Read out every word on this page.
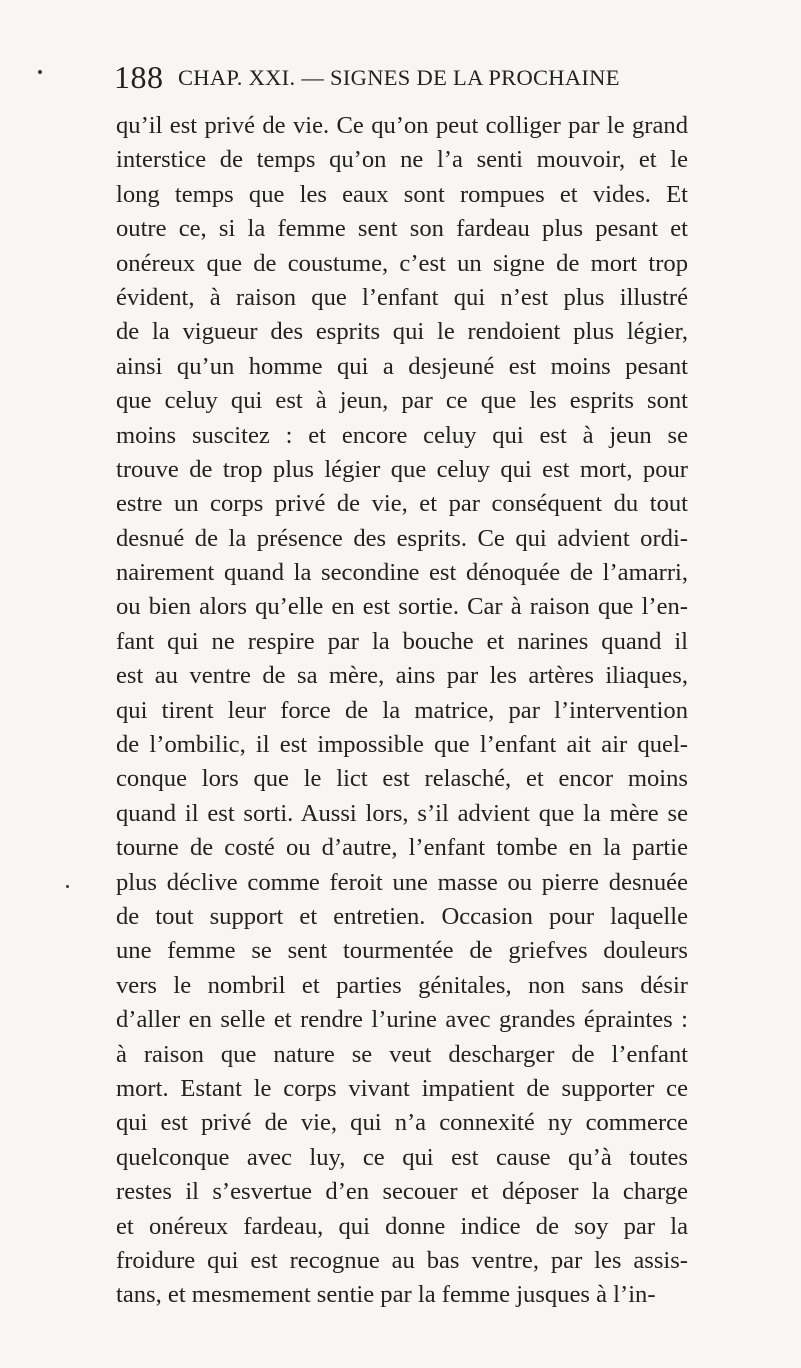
188 CHAP. XXI. — SIGNES DE LA PROCHAINE
qu’il est privé de vie. Ce qu’on peut colliger par le grand
interstice de temps qu’on ne l’a senti mouvoir, et le
long temps que les eaux sont rompues et vides. Et
outre ce, si la femme sent son fardeau plus pesant et
onéreux que de coustume, c’est un signe de mort trop
évident, à raison que l’enfant qui n’est plus illustré
de la vigueur des esprits qui le rendoient plus légier,
ainsi qu’un homme qui a desjeuné est moins pesant
que celuy qui est à jeun, par ce que les esprits sont
moins suscitez : et encore celuy qui est à jeun se
trouve de trop plus légier que celuy qui est mort, pour
estre un corps privé de vie, et par conséquent du tout
desnué de la présence des esprits. Ce qui advient ordi-
nairement quand la secondine est dénoquée de l’amarri,
ou bien alors qu’elle en est sortie. Car à raison que l’en-
fant qui ne respire par la bouche et narines quand il
est au ventre de sa mère, ains par les artères iliaques,
qui tirent leur force de la matrice, par l’intervention
de l’ombilic, il est impossible que l’enfant ait air quel-
conque lors que le lict est relasché, et encor moins
quand il est sorti. Aussi lors, s’il advient que la mère se
tourne de costé ou d’autre, l’enfant tombe en la partie
plus déclive comme feroit une masse ou pierre desnuée
de tout support et entretien. Occasion pour laquelle
une femme se sent tourmentée de griefves douleurs
vers le nombril et parties génitales, non sans désir
d’aller en selle et rendre l’urine avec grandes épraintes :
à raison que nature se veut descharger de l’enfant
mort. Estant le corps vivant impatient de supporter ce
qui est privé de vie, qui n’a connexité ny commerce
quelconque avec luy, ce qui est cause qu’à toutes
restes il s’esvertue d’en secouer et déposer la charge
et onéreux fardeau, qui donne indice de soy par la
froidure qui est recognue au bas ventre, par les assis-
tans, et mesmement sentie par la femme jusques à l’in-
